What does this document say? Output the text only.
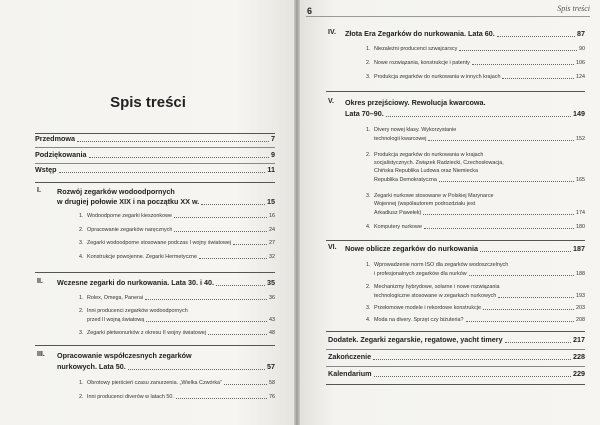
6	Spis treści
Spis treści
Przedmowa	7
Podziękowania	9
Wstęp	11
I. Rozwój zegarków wodoodpornych
w drugiej połowie XIX i na początku XX w.	15
1. Wodoodporne zegarki kieszonkowe	16
2. Opracowanie zegarków naręcznych	24
3. Zegarki wodoodporne stosowane podczas I wojny światowej	27
4. Konstrukcje powojenne. Zegarki Hermetyczne	32
II. Wczesne zegarki do nurkowania. Lata 30. i 40.	35
1. Rolex, Omega, Panerai	36
2. Inni producenci zegarków wodoodpornych
przed II wojną światową	43
3. Zegarki płetwonurków z okresu II wojny światowej	48
III. Opracowanie współczesnych zegarków
nurkowych. Lata 50.	57
1. Obrotowy pierścień czasu zanurzenia. „Wielka Czwórka”	58
2. Inni producenci diverów w latach 50.	76
IV. Złota Era Zegarków do nurkowania. Lata 60.	87
1. Niezależni producenci szwajcarscy	90
2. Nowe rozwiązania, konstrukcje i patenty	106
3. Produkcja zegarków do nurkowania w innych krajach	124
V. Okres przejściowy. Rewolucja kwarcowa.
Lata 70–90.	149
1. Divery nowej klasy. Wykorzystanie
technologii kwarcowej	152
2. Produkcja zegarków do nurkowania w krajach
socjalistycznych. Związek Radziecki, Czechosłowacja,
Chińska Republika Ludowa oraz Niemiecka
Republika Demokratyczna	165
3. Zegarki nurkowe stosowane w Polskiej Marynarce
Wojennej (współautorem podrozdziału jest
Arkadiusz Pawełek)	174
4. Komputery nurkowe	180
VI. Nowe oblicze zegarków do nurkowania	187
1. Wprowadzenie norm ISO dla zegarków wodoszczelnych
i profesjonalnych zegarków dla nurków	188
2. Mechanizmy hybrydowe, solarne i nowe rozwiązania
technologiczne stosowane w zegarkach nurkowych	193
3. Przełomowe modele i rekordowe konstrukcje	203
4. Moda na divery. Sprzęt czy biżuteria?	208
Dodatek. Zegarki zegarskie, regatowe, yacht timery	217
Zakończenie	228
Kalendarium	229
